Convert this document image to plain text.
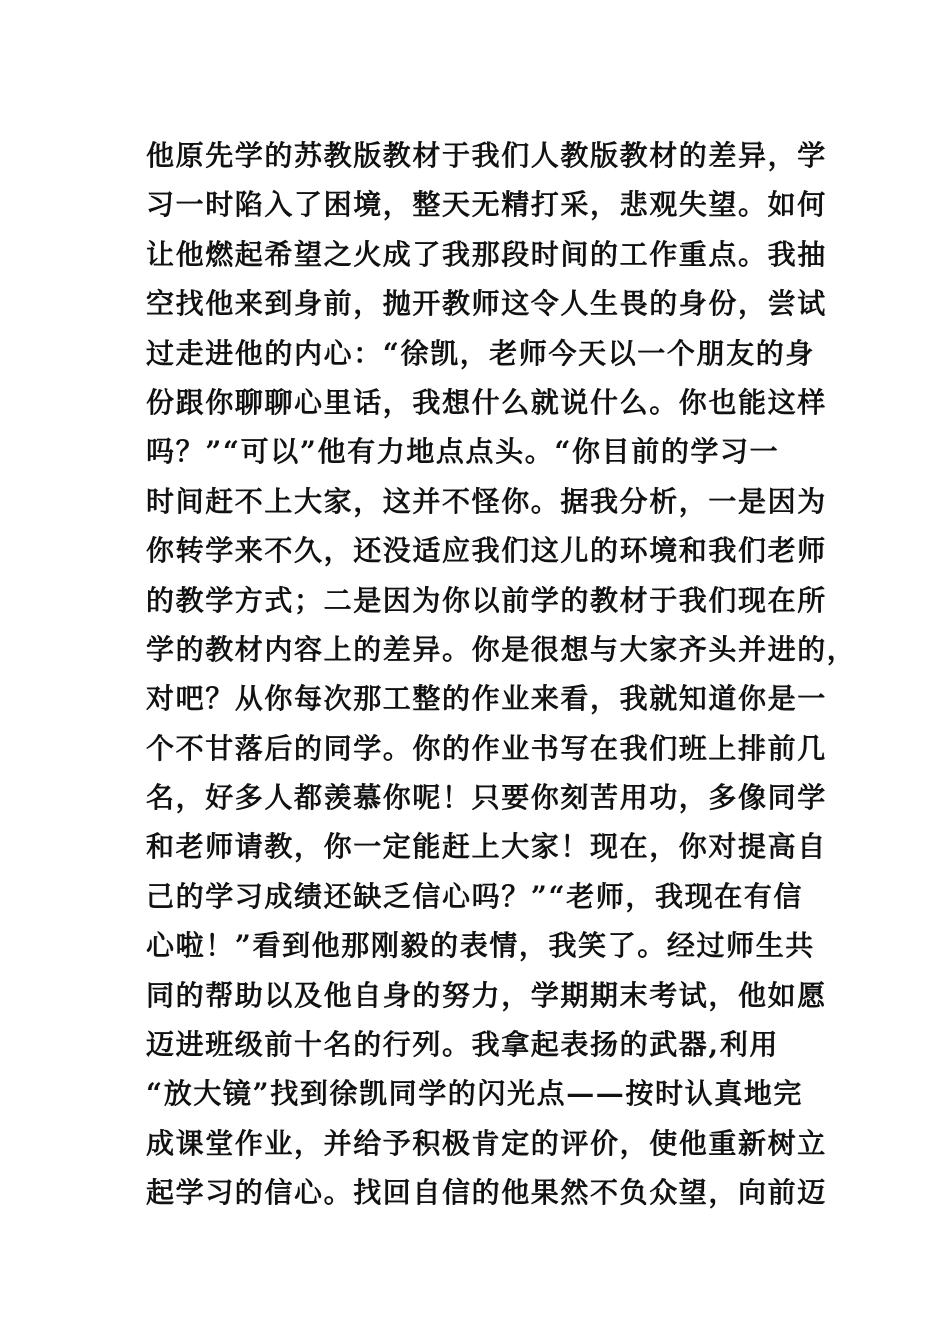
他原先学的苏教版教材于我们人教版教材的差异，学
习一时陷入了困境，整天无精打采，悲观失望。如何
让他燃起希望之火成了我那段时间的工作重点。我抽
空找他来到身前，抛开教师这令人生畏的身份，尝试
过走进他的内心：“徐凯，老师今天以一个朋友的身
份跟你聊聊心里话，我想什么就说什么。你也能这样
吗？”“可以”他有力地点点头。“你目前的学习一
时间赶不上大家，这并不怪你。据我分析，一是因为
你转学来不久，还没适应我们这儿的环境和我们老师
的教学方式；二是因为你以前学的教材于我们现在所
学的教材内容上的差异。你是很想与大家齐头并进的，
对吧？从你每次那工整的作业来看，我就知道你是一
个不甘落后的同学。你的作业书写在我们班上排前几
名，好多人都羡慕你呢！只要你刻苦用功，多像同学
和老师请教，你一定能赶上大家！现在，你对提高自
己的学习成绩还缺乏信心吗？”“老师，我现在有信
心啦！”看到他那刚毅的表情，我笑了。经过师生共
同的帮助以及他自身的努力，学期期末考试，他如愿
迈进班级前十名的行列。我拿起表扬的武器,利用
“放大镜”找到徐凯同学的闪光点——按时认真地完
成课堂作业，并给予积极肯定的评价，使他重新树立
起学习的信心。找回自信的他果然不负众望，向前迈
